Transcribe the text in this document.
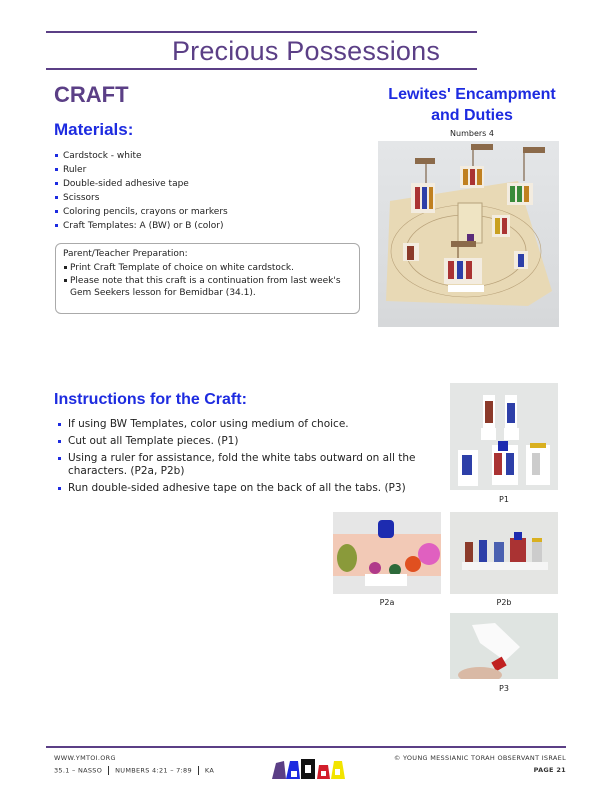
Precious Possessions
CRAFT
Materials:
Cardstock - white
Ruler
Double-sided adhesive tape
Scissors
Coloring pencils, crayons or markers
Craft Templates: A (BW) or B (color)
Parent/Teacher Preparation:
Print Craft Template of choice on white cardstock.
Please note that this craft is a continuation from last week's Gem Seekers lesson for Bemidbar (34.1).
Lewites' Encampment
and Duties
Numbers 4
Instructions for the Craft:
If using BW Templates, color using medium of choice.
Cut out all Template pieces. (P1)
Using a ruler for assistance, fold the white tabs outward on all the characters. (P2a, P2b)
Run double-sided adhesive tape on the back of all the tabs. (P3)
P1
P2a	P2b
P3
WWW.YMTOI.ORG
35.1 – NASSO NUMBERS 4:21 – 7:89 KA
© YOUNG MESSIANIC TORAH OBSERVANT ISRAEL
PAGE 21
